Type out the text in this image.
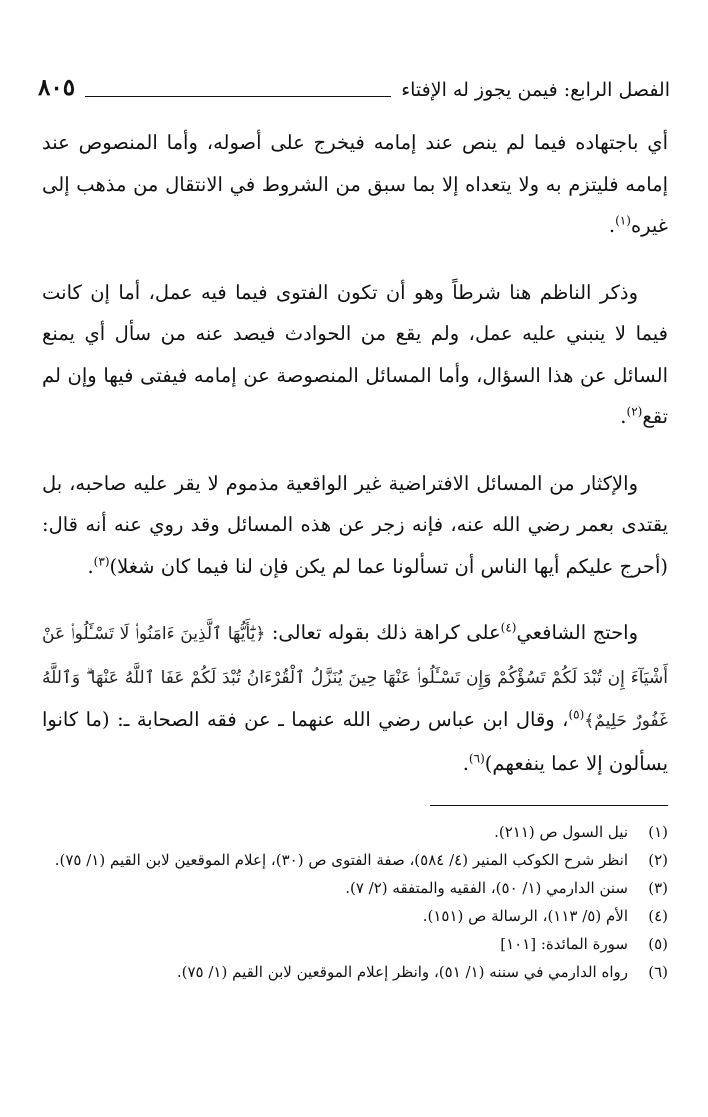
الفصل الرابع: فيمن يجوز له الإفتاء
٨٠٥

أي باجتهاده فيما لم ينص عند إمامه فيخرج على أصوله، وأما المنصوص عند إمامه فليتزم به ولا يتعداه إلا بما سبق من الشروط في الانتقال من مذهب إلى غيره$^{(١)}$.

وذكر الناظم هنا شرطاً وهو أن تكون الفتوى فيما فيه عمل، أما إن كانت فيما لا ينبني عليه عمل، ولم يقع من الحوادث فيصد عنه من سأل أي يمنع السائل عن هذا السؤال، وأما المسائل المنصوصة عن إمامه فيفتى فيها وإن لم تقع$^{(٢)}$.

والإكثار من المسائل الافتراضية غير الواقعية مذموم لا يقر عليه صاحبه، بل يقتدى بعمر رضي الله عنه، فإنه زجر عن هذه المسائل وقد روي عنه أنه قال: (أحرج عليكم أيها الناس أن تسألونا عما لم يكن فإن لنا فيما كان شغلا)$^{(٣)}$.

واحتج الشافعي$^{(٤)}$على كراهة ذلك بقوله تعالى: ﴿يَٰٓأَيُّهَا ٱلَّذِينَ ءَامَنُوا۟ لَا تَسْـَٔلُوا۟ عَنْ أَشْيَآءَ إِن تُبْدَ لَكُمْ تَسُؤْكُمْ وَإِن تَسْـَٔلُوا۟ عَنْهَا حِينَ يُنَزَّلُ ٱلْقُرْءَانُ تُبْدَ لَكُمْ عَفَا ٱللَّهُ عَنْهَا ۗ وَٱللَّهُ غَفُورٌ حَلِيمٌ﴾$^{(٥)}$، وقال ابن عباس رضي الله عنهما ـ عن فقه الصحابة ـ: (ما كانوا يسألون إلا عما ينفعهم)$^{(٦)}$.

(١)
نيل السول ص (٢١١).
(٢)
انظر شرح الكوكب المنير (٤/ ٥٨٤)، صفة الفتوى ص (٣٠)، إعلام الموقعين لابن القيم (١/ ٧٥).
(٣)
سنن الدارمي (١/ ٥٠)، الفقيه والمتفقه (٢/ ٧).
(٤)
الأم (٥/ ١١٣)، الرسالة ص (١٥١).
(٥)
سورة المائدة: [١٠١]
(٦)
رواه الدارمي في سننه (١/ ٥١)، وانظر إعلام الموقعين لابن القيم (١/ ٧٥).
